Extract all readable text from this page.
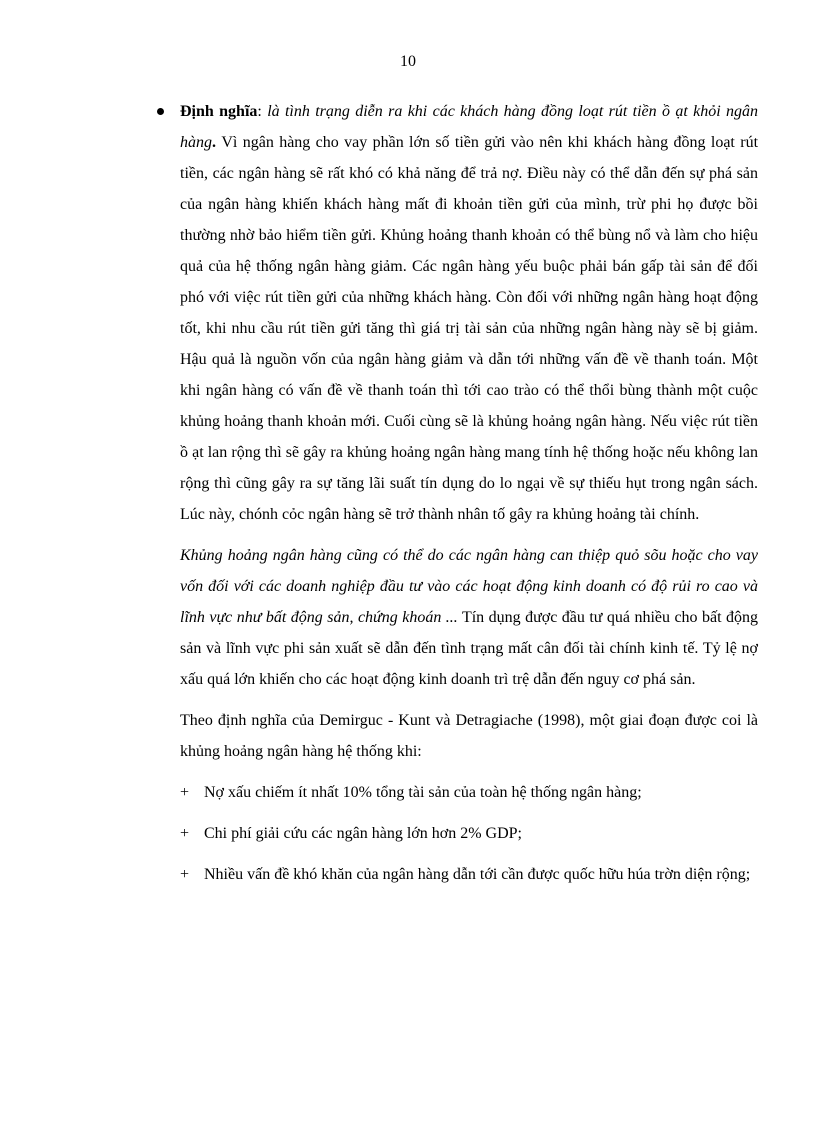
10

Định nghĩa: là tình trạng diễn ra khi các khách hàng đồng loạt rút tiền ồ ạt khỏi ngân hàng. Vì ngân hàng cho vay phần lớn số tiền gửi vào nên khi khách hàng đồng loạt rút tiền, các ngân hàng sẽ rất khó có khả năng để trả nợ. Điều này có thể dẫn đến sự phá sản của ngân hàng khiến khách hàng mất đi khoản tiền gửi của mình, trừ phi họ được bồi thường nhờ bảo hiểm tiền gửi. Khủng hoảng thanh khoản có thể bùng nổ và làm cho hiệu quả của hệ thống ngân hàng giảm. Các ngân hàng yếu buộc phải bán gấp tài sản để đối phó với việc rút tiền gửi của những khách hàng. Còn đối với những ngân hàng hoạt động tốt, khi nhu cầu rút tiền gửi tăng thì giá trị tài sản của những ngân hàng này sẽ bị giảm. Hậu quả là nguồn vốn của ngân hàng giảm và dẫn tới những vấn đề về thanh toán. Một khi ngân hàng có vấn đề về thanh toán thì tới cao trào có thể thổi bùng thành một cuộc khủng hoảng thanh khoản mới. Cuối cùng sẽ là khủng hoảng ngân hàng. Nếu việc rút tiền ồ ạt lan rộng thì sẽ gây ra khủng hoảng ngân hàng mang tính hệ thống hoặc nếu không lan rộng thì cũng gây ra sự tăng lãi suất tín dụng do lo ngại về sự thiếu hụt trong ngân sách. Lúc này, chónh cỏc ngân hàng sẽ trở thành nhân tố gây ra khủng hoảng tài chính.

Khủng hoảng ngân hàng cũng có thể do các ngân hàng can thiệp quỏ sõu hoặc cho vay vốn đối với các doanh nghiệp đầu tư vào các hoạt động kinh doanh có độ rủi ro cao và lĩnh vực như bất động sản, chứng khoán ... Tín dụng được đầu tư quá nhiều cho bất động sản và lĩnh vực phi sản xuất sẽ dẫn đến tình trạng mất cân đối tài chính kinh tế. Tỷ lệ nợ xấu quá lớn khiến cho các hoạt động kinh doanh trì trệ dẫn đến nguy cơ phá sản.

Theo định nghĩa của Demirguc - Kunt và Detragiache (1998), một giai đoạn được coi là khủng hoảng ngân hàng hệ thống khi:

+ Nợ xấu chiếm ít nhất 10% tổng tài sản của toàn hệ thống ngân hàng;
+ Chi phí giải cứu các ngân hàng lớn hơn 2% GDP;
+ Nhiều vấn đề khó khăn của ngân hàng dẫn tới cần được quốc hữu húa trờn diện rộng;
